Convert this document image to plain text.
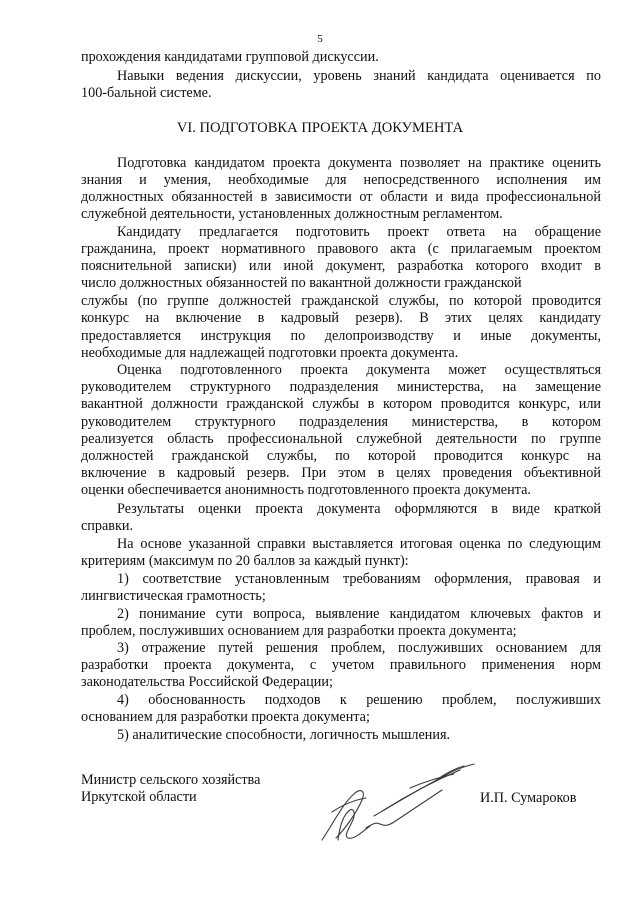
5
прохождения кандидатами групповой дискуссии.
Навыки ведения дискуссии, уровень знаний кандидата оценивается по
100-бальной системе.
VI. ПОДГОТОВКА ПРОЕКТА ДОКУМЕНТА
Подготовка кандидатом проекта документа позволяет на практике оценить
знания и умения, необходимые для непосредственного исполнения им
должностных обязанностей в зависимости от области и вида профессиональной
служебной деятельности, установленных должностным регламентом.
Кандидату предлагается подготовить проект ответа на обращение
гражданина, проект нормативного правового акта (с прилагаемым проектом
пояснительной записки) или иной документ, разработка которого входит в
число должностных обязанностей по вакантной должности гражданской
службы (по группе должностей гражданской службы, по которой проводится
конкурс на включение в кадровый резерв). В этих целях кандидату
предоставляется инструкция по делопроизводству и иные документы,
необходимые для надлежащей подготовки проекта документа.
Оценка подготовленного проекта документа может осуществляться
руководителем структурного подразделения министерства, на замещение
вакантной должности гражданской службы в котором проводится конкурс, или
руководителем структурного подразделения министерства, в котором
реализуется область профессиональной служебной деятельности по группе
должностей гражданской службы, по которой проводится конкурс на
включение в кадровый резерв. При этом в целях проведения объективной
оценки обеспечивается анонимность подготовленного проекта документа.
Результаты оценки проекта документа оформляются в виде краткой
справки.
На основе указанной справки выставляется итоговая оценка по следующим
критериям (максимум по 20 баллов за каждый пункт):
1) соответствие установленным требованиям оформления, правовая и
лингвистическая грамотность;
2) понимание сути вопроса, выявление кандидатом ключевых фактов и
проблем, послуживших основанием для разработки проекта документа;
3) отражение путей решения проблем, послуживших основанием для
разработки проекта документа, с учетом правильного применения норм
законодательства Российской Федерации;
4) обоснованность подходов к решению проблем, послуживших
основанием для разработки проекта документа;
5) аналитические способности, логичность мышления.
Министр сельского хозяйства
Иркутской области	И.П. Сумароков
